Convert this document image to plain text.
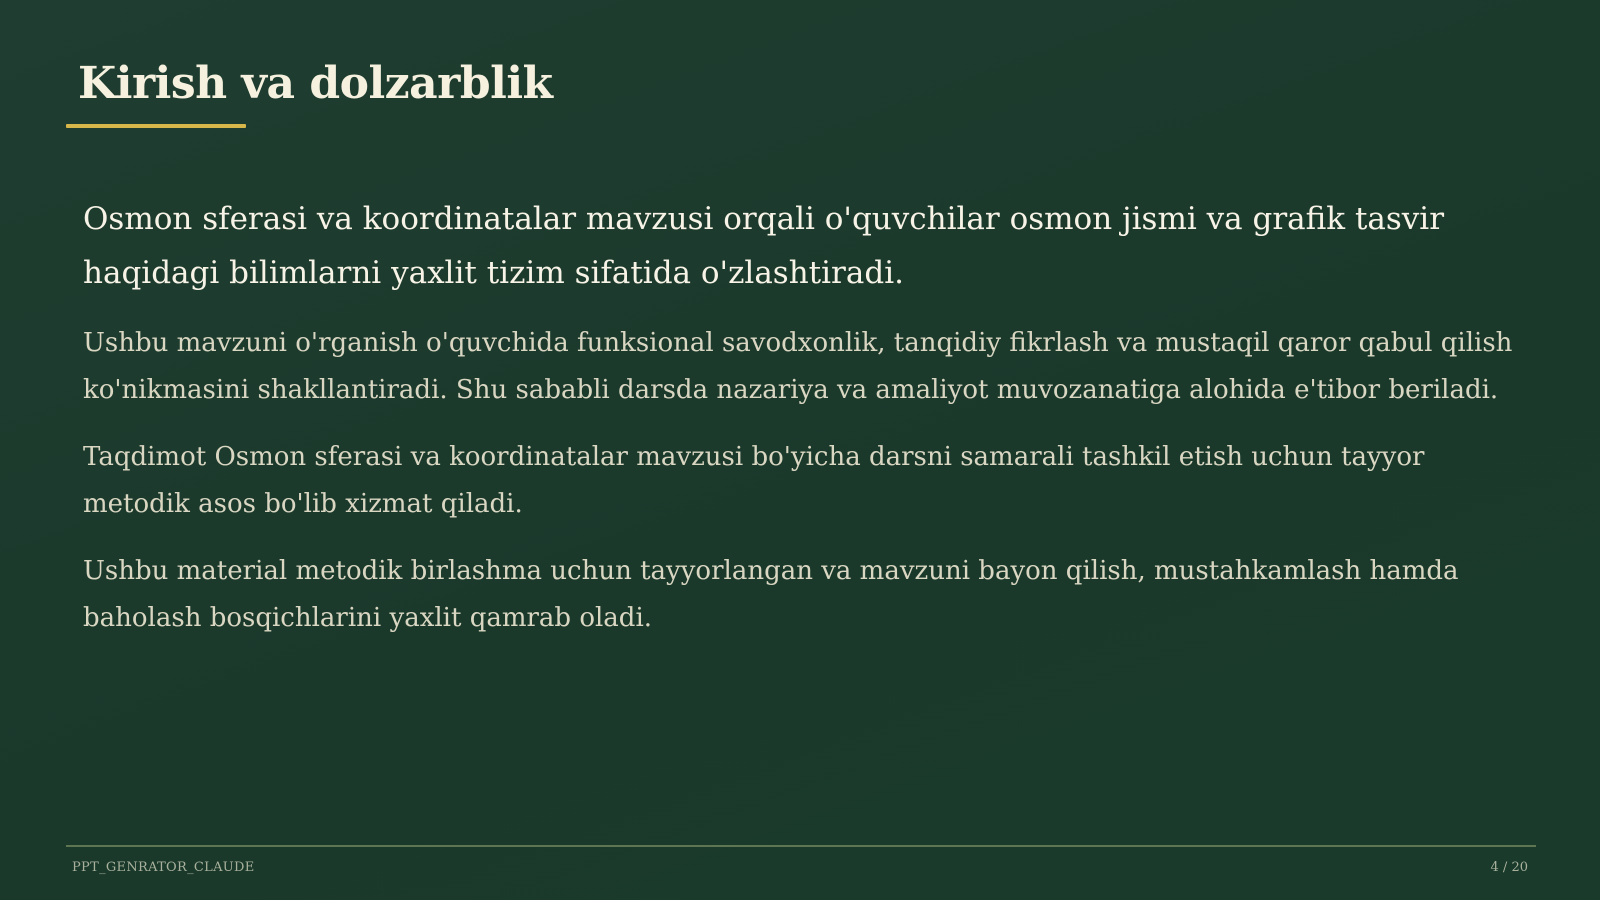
Kirish va dolzarblik

Osmon sferasi va koordinatalar mavzusi orqali o'quvchilar osmon jismi va grafik tasvir haqidagi bilimlarni yaxlit tizim sifatida o'zlashtiradi.

Ushbu mavzuni o'rganish o'quvchida funksional savodxonlik, tanqidiy fikrlash va mustaqil qaror qabul qilish ko'nikmasini shakllantiradi. Shu sababli darsda nazariya va amaliyot muvozanatiga alohida e'tibor beriladi.

Taqdimot Osmon sferasi va koordinatalar mavzusi bo'yicha darsni samarali tashkil etish uchun tayyor metodik asos bo'lib xizmat qiladi.

Ushbu material metodik birlashma uchun tayyorlangan va mavzuni bayon qilish, mustahkamlash hamda baholash bosqichlarini yaxlit qamrab oladi.

PPT_GENRATOR_CLAUDE	4 / 20
